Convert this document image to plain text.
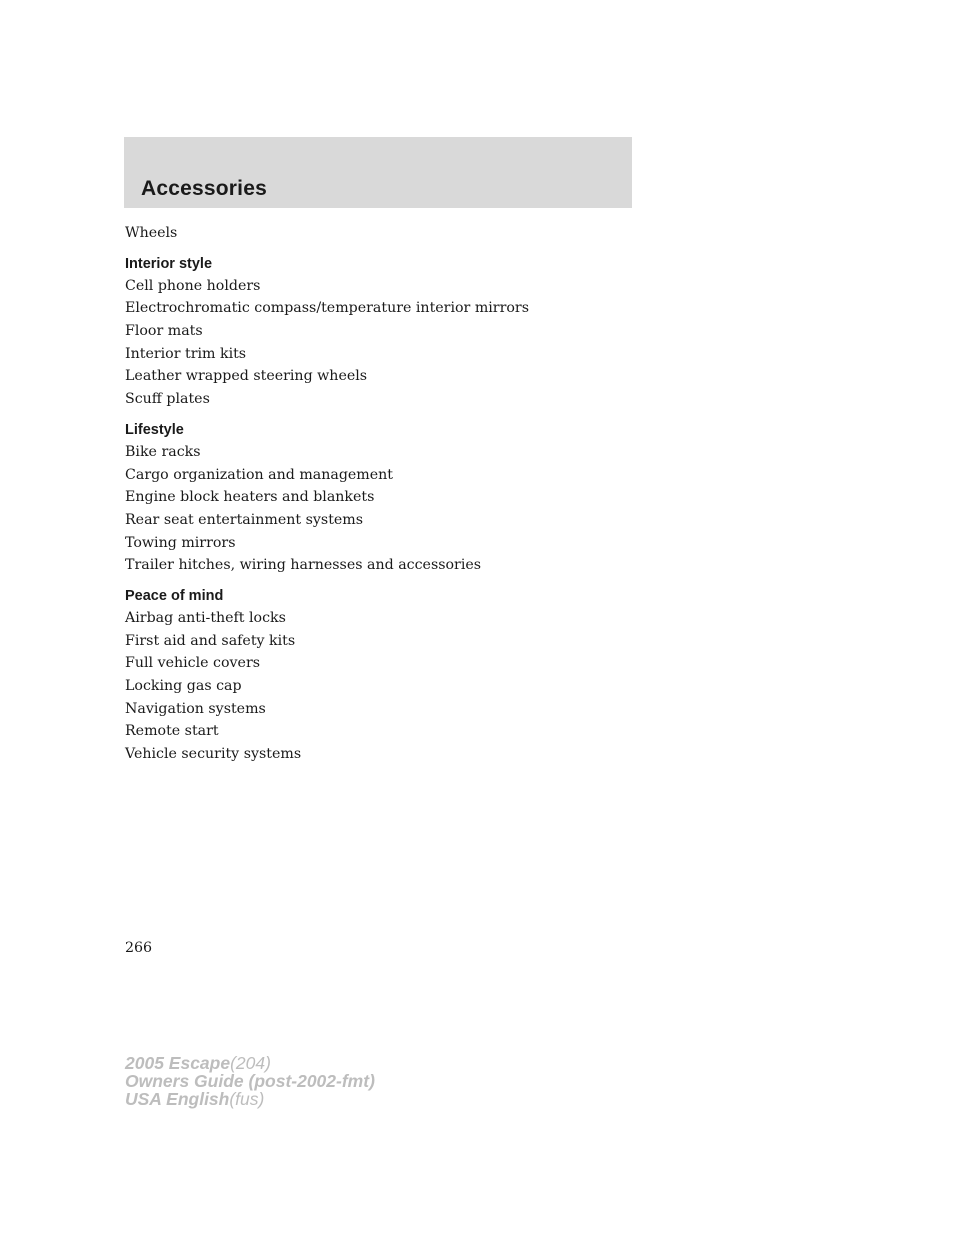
Accessories
Wheels
Interior style
Cell phone holders
Electrochromatic compass/temperature interior mirrors
Floor mats
Interior trim kits
Leather wrapped steering wheels
Scuff plates
Lifestyle
Bike racks
Cargo organization and management
Engine block heaters and blankets
Rear seat entertainment systems
Towing mirrors
Trailer hitches, wiring harnesses and accessories
Peace of mind
Airbag anti-theft locks
First aid and safety kits
Full vehicle covers
Locking gas cap
Navigation systems
Remote start
Vehicle security systems
266
2005 Escape(204)
Owners Guide (post-2002-fmt)
USA English(fus)
